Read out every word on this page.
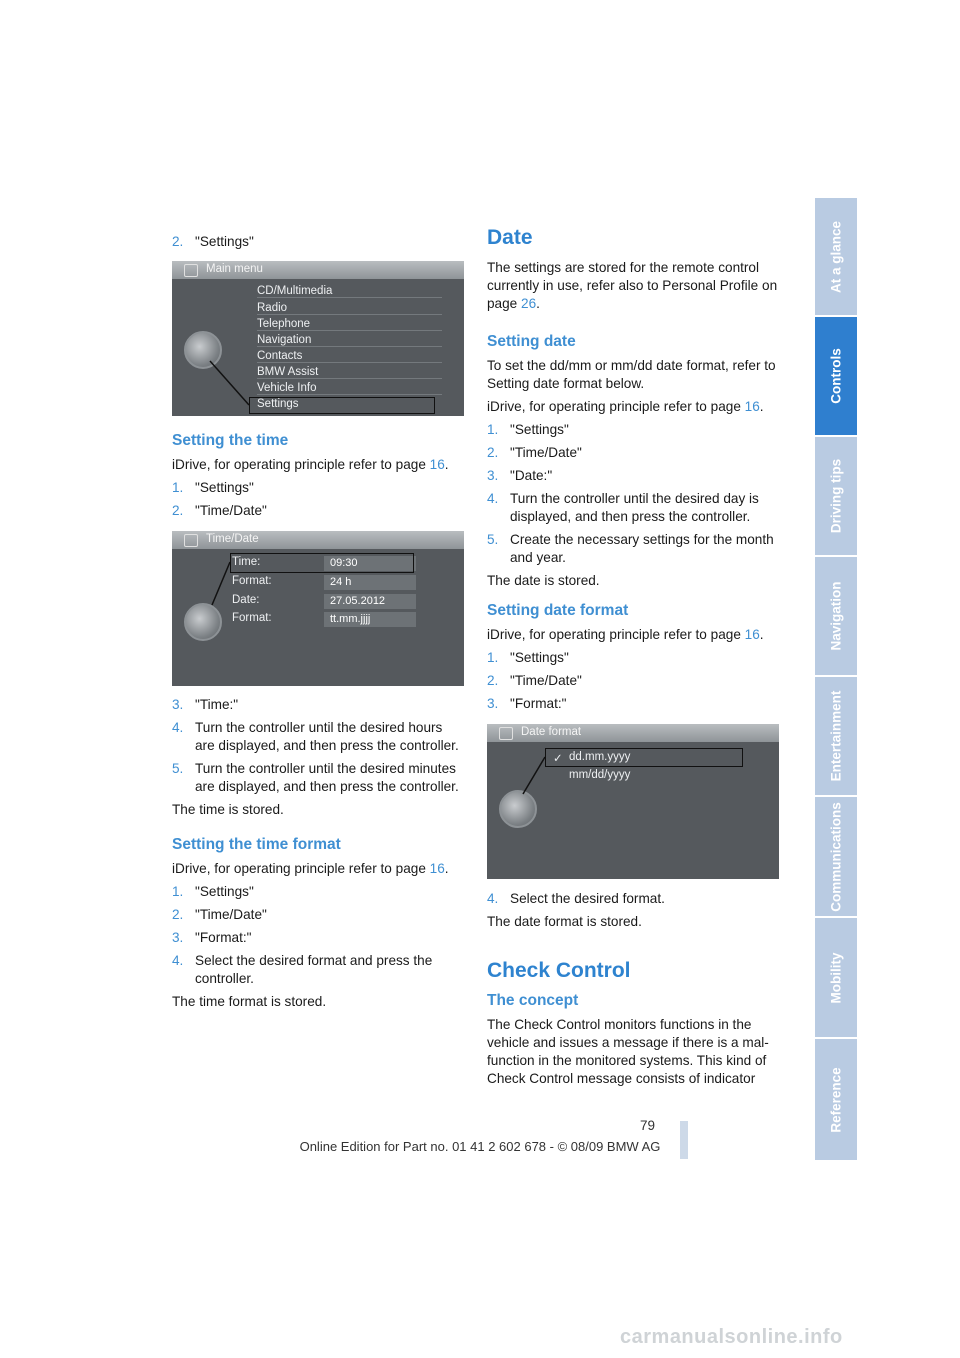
2. "Settings"
Main menu
CD/Multimedia
Radio
Telephone
Navigation
Contacts
BMW Assist
Vehicle Info
Settings
Setting the time

iDrive, for operating principle refer to page 16.

1. "Settings"
2. "Time/Date"
Time/Date
Time:	09:30
Format:	24 h
Date:	27.05.2012
Format:	tt.mm.jjjj
3. "Time:"
4. Turn the controller until the desired hours are displayed, and then press the controller.
5. Turn the controller until the desired minutes are displayed, and then press the controller.

The time is stored.

Setting the time format

iDrive, for operating principle refer to page 16.

1. "Settings"
2. "Time/Date"
3. "Format:"
4. Select the desired format and press the controller.

The time format is stored.

Date

The settings are stored for the remote control currently in use, refer also to Personal Profile on page 26.

Setting date

To set the dd/mm or mm/dd date format, refer to Setting date format below.

iDrive, for operating principle refer to page 16.

1. "Settings"
2. "Time/Date"
3. "Date:"
4. Turn the controller until the desired day is displayed, and then press the controller.
5. Create the necessary settings for the month and year.

The date is stored.

Setting date format

iDrive, for operating principle refer to page 16.

1. "Settings"
2. "Time/Date"
3. "Format:"
Date format
✓ dd.mm.yyyy
mm/dd/yyyy
4. Select the desired format.

The date format is stored.

Check Control
The concept

The Check Control monitors functions in the vehicle and issues a message if there is a mal-function in the monitored systems. This kind of Check Control message consists of indicator

At a glance
Controls
Driving tips
Navigation
Entertainment
Communications
Mobility
Reference
79
Online Edition for Part no. 01 41 2 602 678 - © 08/09 BMW AG
carmanualsonline.info
